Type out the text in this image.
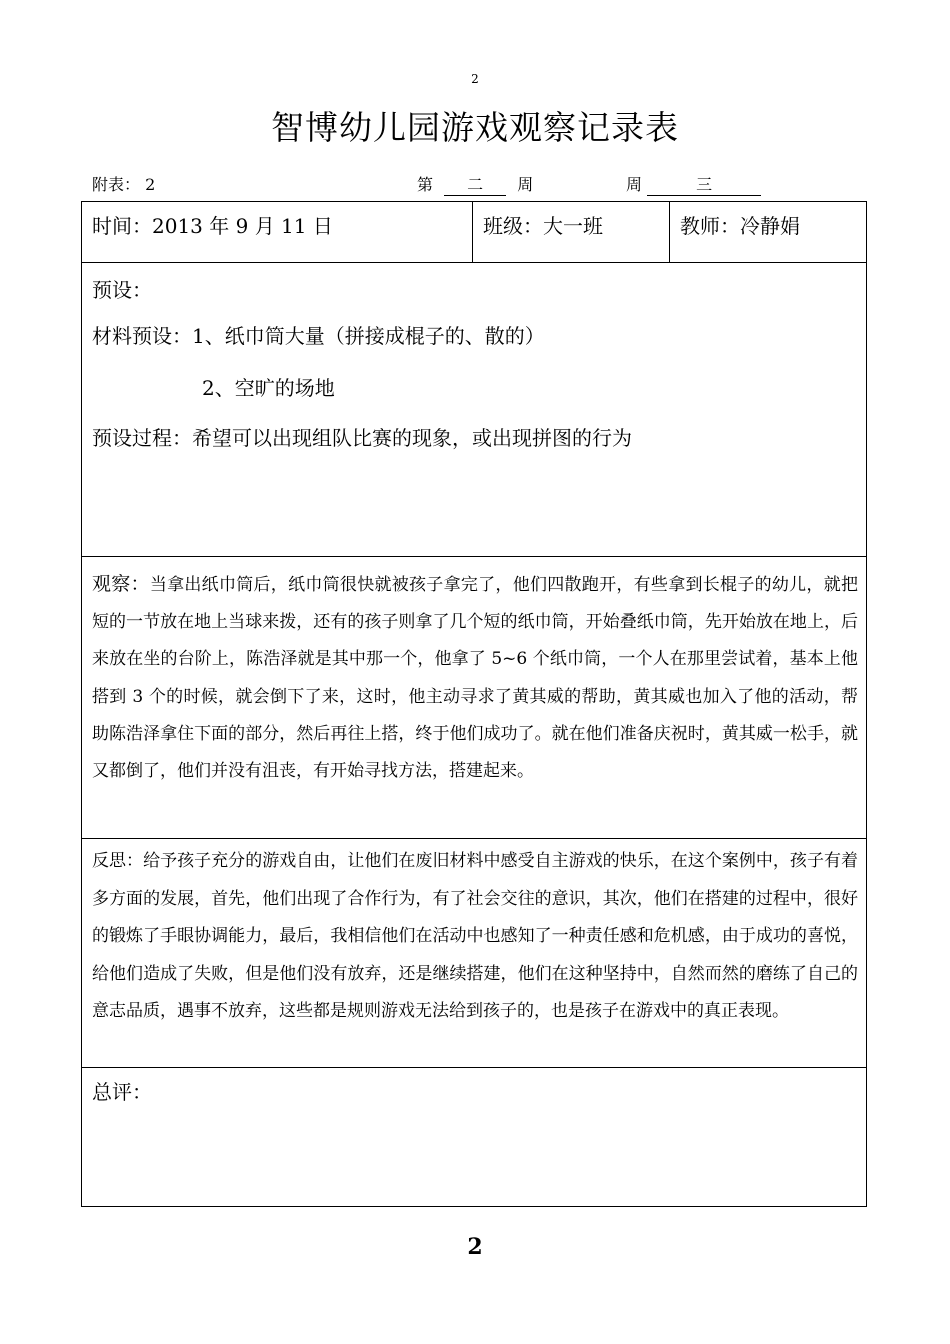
2
智博幼儿园游戏观察记录表
附表： 2	第 二 周	周	三
时间：2013 年 9 月 11 日	班级：大一班	教师：冷静娟
预设：
材料预设：1、纸巾筒大量（拼接成棍子的、散的）
2、空旷的场地
预设过程：希望可以出现组队比赛的现象，或出现拼图的行为

观察：当拿出纸巾筒后，纸巾筒很快就被孩子拿完了，他们四散跑开，有些拿到长棍子的幼儿，就把短的一节放在地上当球来拨，还有的孩子则拿了几个短的纸巾筒，开始叠纸巾筒，先开始放在地上，后来放在坐的台阶上，陈浩泽就是其中那一个，他拿了 5~6 个纸巾筒，一个人在那里尝试着，基本上他搭到 3 个的时候，就会倒下了来，这时，他主动寻求了黄其威的帮助，黄其威也加入了他的活动，帮助陈浩泽拿住下面的部分，然后再往上搭，终于他们成功了。就在他们准备庆祝时，黄其威一松手，就又都倒了，他们并没有沮丧，有开始寻找方法，搭建起来。

反思：给予孩子充分的游戏自由，让他们在废旧材料中感受自主游戏的快乐，在这个案例中，孩子有着多方面的发展，首先，他们出现了合作行为，有了社会交往的意识，其次，他们在搭建的过程中，很好的锻炼了手眼协调能力，最后，我相信他们在活动中也感知了一种责任感和危机感，由于成功的喜悦，给他们造成了失败，但是他们没有放弃，还是继续搭建，他们在这种坚持中，自然而然的磨练了自己的意志品质，遇事不放弃，这些都是规则游戏无法给到孩子的，也是孩子在游戏中的真正表现。

总评：
2
